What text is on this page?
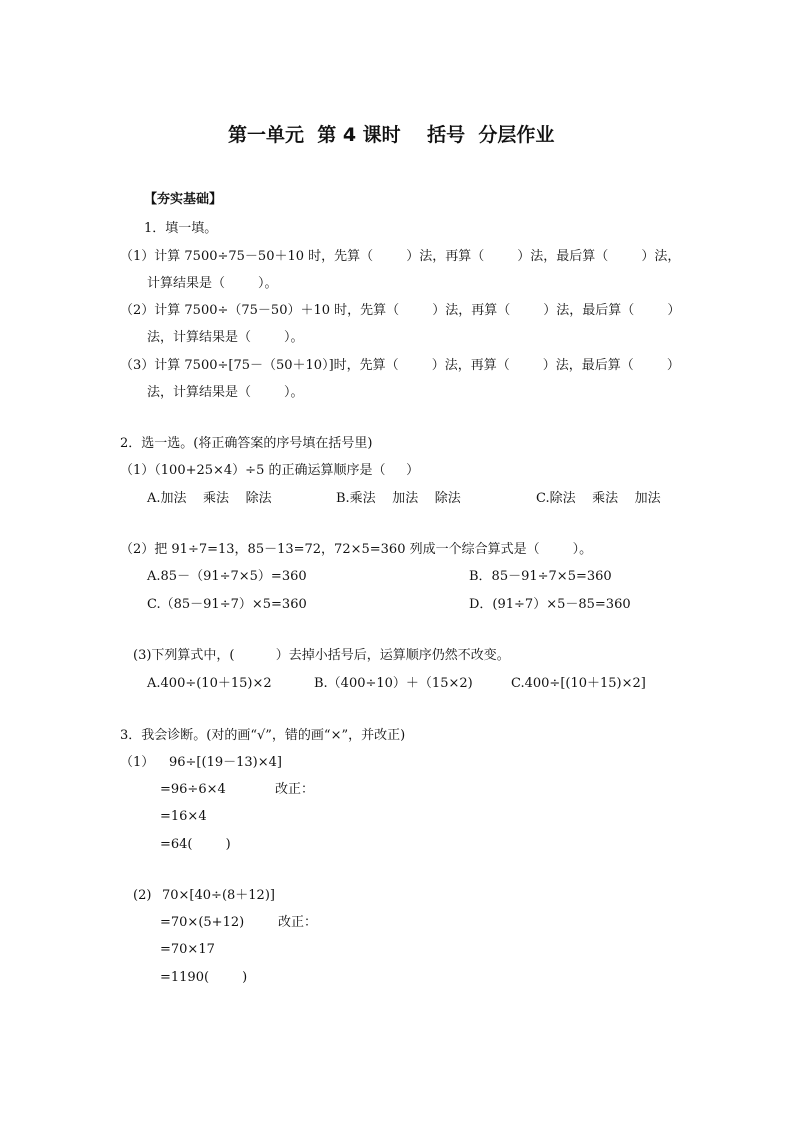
第一单元  第 4 课时    括号  分层作业
【夯实基础】
1．填一填。
（1）计算 7500÷75－50＋10 时，先算（        ）法，再算（        ）法，最后算（        ）法，
计算结果是（        ）。
（2）计算 7500÷（75－50）＋10 时，先算（        ）法，再算（        ）法，最后算（        ）
法，计算结果是（        ）。
（3）计算 7500÷[75－（50＋10）]时，先算（        ）法，再算（        ）法，最后算（        ）
法，计算结果是（        ）。
2．选一选。(将正确答案的序号填在括号里)
（1）（100+25×4）÷5 的正确运算顺序是（     ）
A.加法    乘法    除法	B.乘法    加法    除法	C.除法    乘法    加法
（2）把 91÷7=13，85－13=72，72×5=360 列成一个综合算式是（        ）。
A.85－（91÷7×5）=360	B．85－91÷7×5=360
C.（85－91÷7）×5=360	D．(91÷7）×5－85=360
(3)下列算式中，(          ）去掉小括号后，运算顺序仍然不改变。
A.400÷(10＋15)×2	B.（400÷10）＋（15×2)	C.400÷[(10＋15)×2]
3．我会诊断。(对的画“√”，错的画“×”，并改正)
（1） 96÷[(19－13)×4]
=96÷6×4	改正：
=16×4
=64(        )
(2) 70×[40÷(8＋12)]
=70×(5+12)	改正：
=70×17
=1190(        )
